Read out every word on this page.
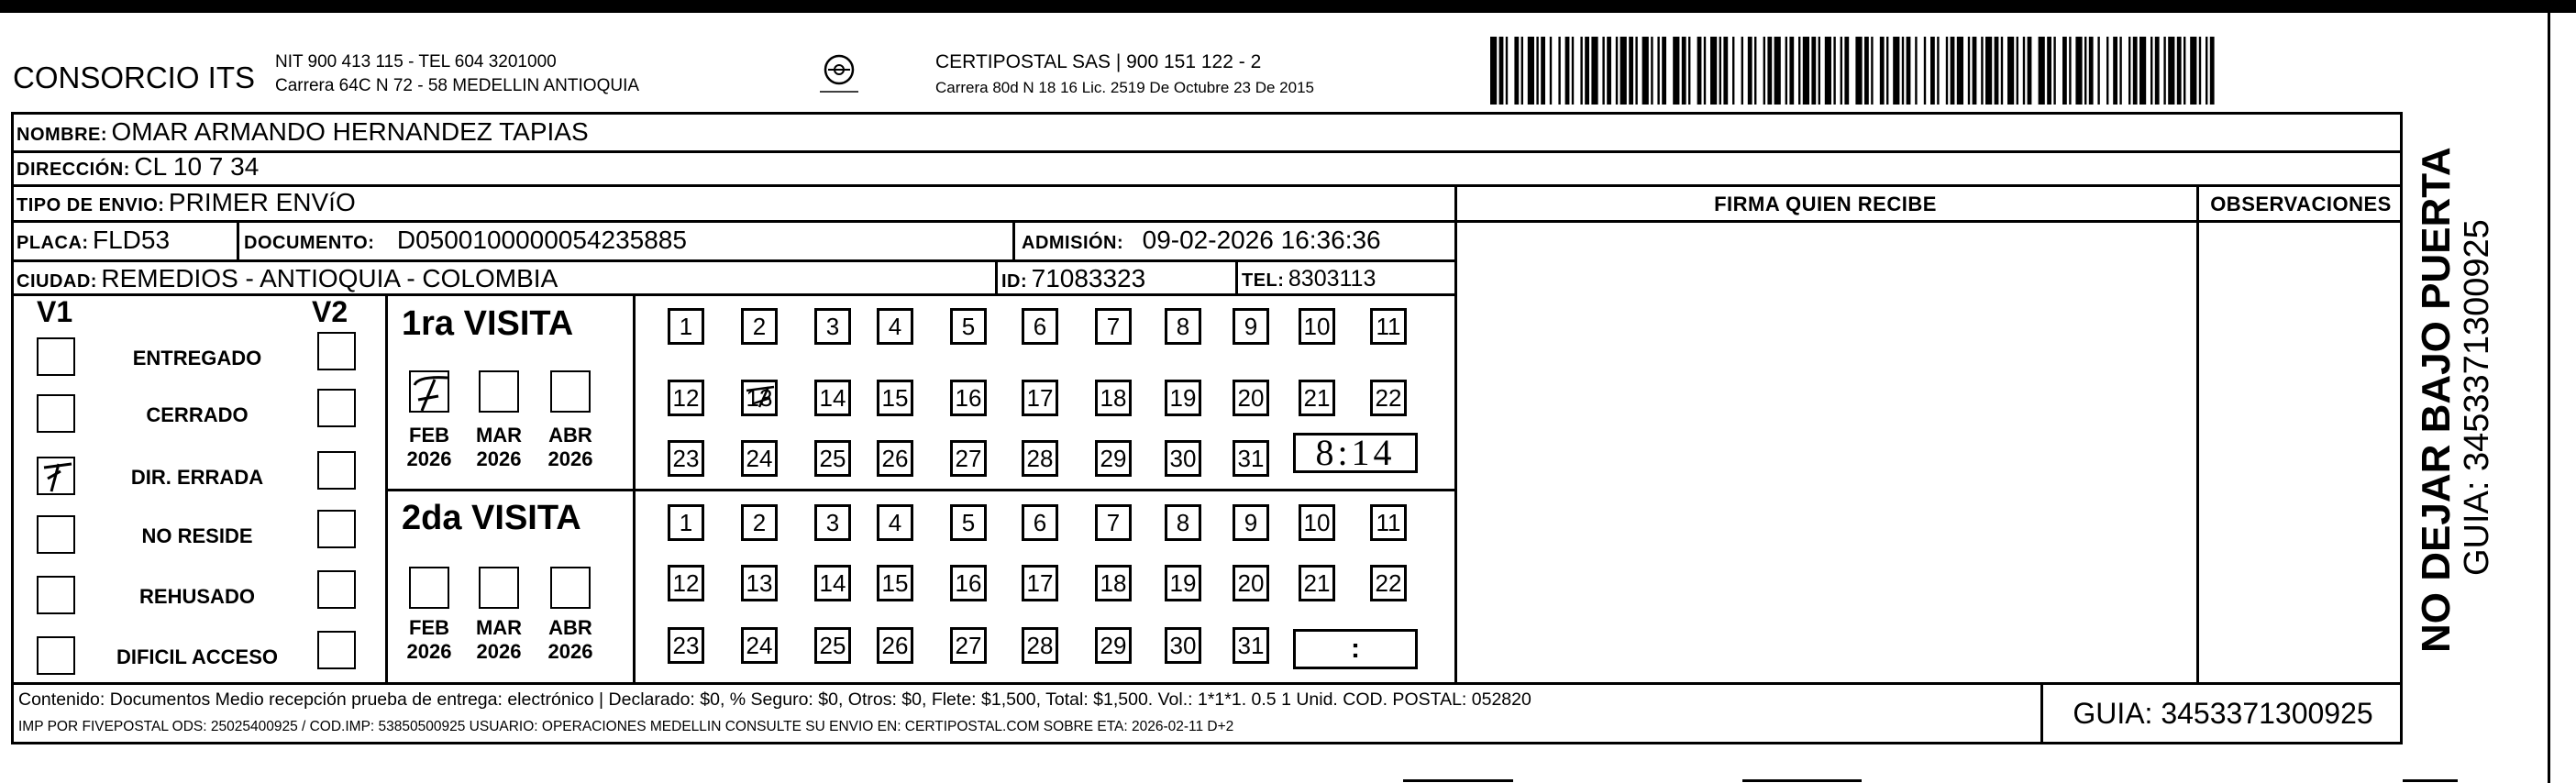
CONSORCIO ITS NIT 900 413 115 - TEL 604 3201000
Carrera 64C N 72 - 58 MEDELLIN ANTIOQUIA
CERTIPOSTAL SAS | 900 151 122 - 2
Carrera 80d N 18 16 Lic. 2519 De Octubre 23 De 2015
NOMBRE: OMAR ARMANDO HERNANDEZ TAPIAS
DIRECCIÓN: CL 10 7 34
TIPO DE ENVIO: PRIMER ENVíO
PLACA: FLD53	DOCUMENTO: D0500100000054235885	ADMISIÓN: 09-02-2026 16:36:36
CIUDAD: REMEDIOS - ANTIOQUIA - COLOMBIA	ID: 71083323	TEL: 8303113
FIRMA QUIEN RECIBE	OBSERVACIONES
V1	V2
ENTREGADO
CERRADO
DIR. ERRADA
NO RESIDE
REHUSADO
DIFICIL ACCESO
1ra VISITA
2da VISITA
FEB
2026
MAR
2026
ABR
2026
FEB
2026
MAR
2026
ABR
2026
1	2	3	4	5	6	7	8	9	10 11
12 13 14 15 16 17 18 19 20 21 22
23 24 25 26 27 28 29 30 31
1	2	3	4	5	6	7	8	9	10 11
12 13 14 15 16 17 18 19 20 21 22
23 24 25 26 27 28 29 30 31
8:14
:
Contenido: Documentos Medio recepción prueba de entrega: electrónico | Declarado: $0, % Seguro: $0, Otros: $0, Flete: $1,500, Total: $1,500. Vol.: 1*1*1. 0.5 1 Unid. COD. POSTAL: 052820
IMP POR FIVEPOSTAL ODS: 25025400925 / COD.IMP: 53850500925 USUARIO: OPERACIONES MEDELLIN CONSULTE SU ENVIO EN: CERTIPOSTAL.COM SOBRE ETA: 2026-02-11 D+2	GUIA: 3453371300925
NO DEJAR BAJO PUERTA GUIA: 3453371300925
